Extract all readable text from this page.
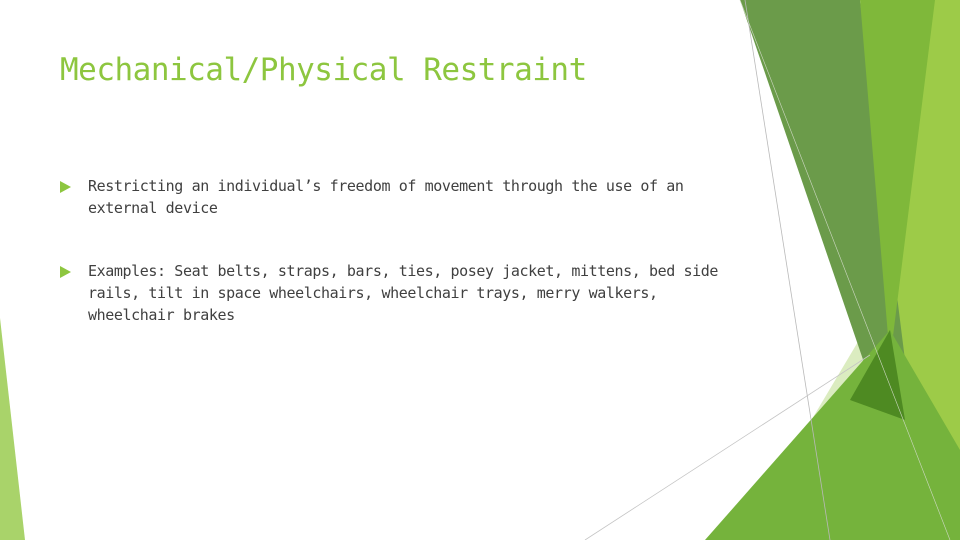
Mechanical/Physical Restraint
Restricting an individual’s freedom of movement through the use of an external device
Examples: Seat belts, straps, bars, ties, posey jacket, mittens, bed side rails, tilt in space wheelchairs, wheelchair trays, merry walkers, wheelchair brakes
